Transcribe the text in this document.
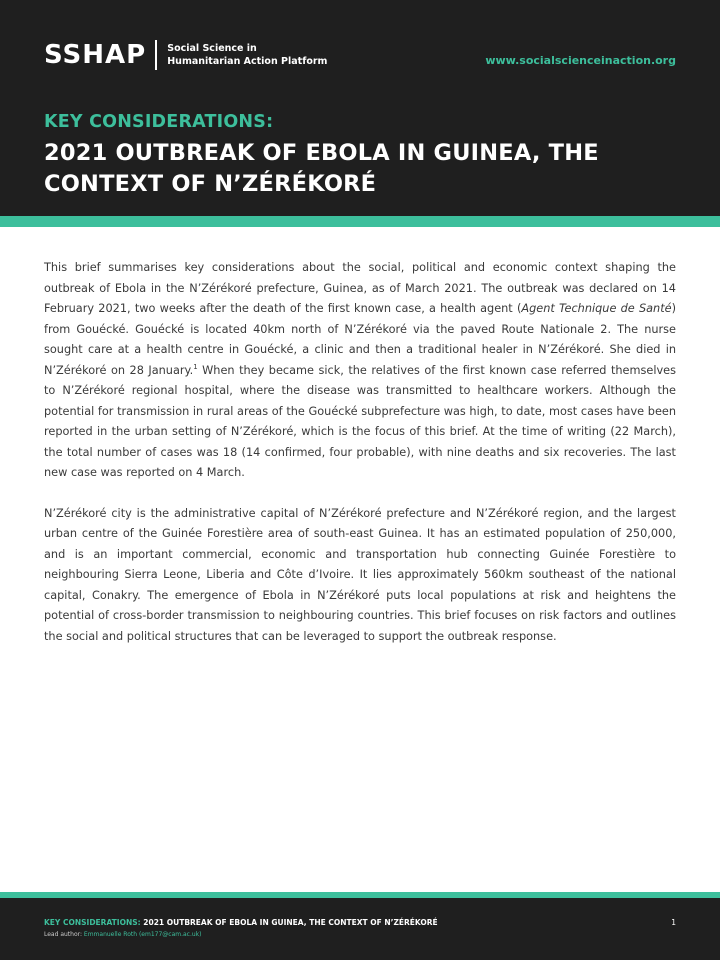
SSHAP Social Science in
Humanitarian Action Platform	www.socialscienceinaction.org
KEY CONSIDERATIONS:
2021 OUTBREAK OF EBOLA IN GUINEA, THE CONTEXT OF N’ZÉRÉKORÉ

This brief summarises key considerations about the social, political and economic context shaping the outbreak of Ebola in the N’Zérékoré prefecture, Guinea, as of March 2021. The outbreak was declared on 14 February 2021, two weeks after the death of the first known case, a health agent (Agent Technique de Santé) from Gouécké. Gouécké is located 40km north of N’Zérékoré via the paved Route Nationale 2. The nurse sought care at a health centre in Gouécké, a clinic and then a traditional healer in N’Zérékoré. She died in N’Zérékoré on 28 January.$^1$ When they became sick, the relatives of the first known case referred themselves to N’Zérékoré regional hospital, where the disease was transmitted to healthcare workers. Although the potential for transmission in rural areas of the Gouécké subprefecture was high, to date, most cases have been reported in the urban setting of N’Zérékoré, which is the focus of this brief. At the time of writing (22 March), the total number of cases was 18 (14 confirmed, four probable), with nine deaths and six recoveries. The last new case was reported on 4 March.

N’Zérékoré city is the administrative capital of N’Zérékoré prefecture and N’Zérékoré region, and the largest urban centre of the Guinée Forestière area of south-east Guinea. It has an estimated population of 250,000, and is an important commercial, economic and transportation hub connecting Guinée Forestière to neighbouring Sierra Leone, Liberia and Côte d’Ivoire. It lies approximately 560km southeast of the national capital, Conakry. The emergence of Ebola in N’Zérékoré puts local populations at risk and heightens the potential of cross-border transmission to neighbouring countries. This brief focuses on risk factors and outlines the social and political structures that can be leveraged to support the outbreak response.

KEY CONSIDERATIONS: 2021 OUTBREAK OF EBOLA IN GUINEA, THE CONTEXT OF N’ZÉRÉKORÉ
Lead author: Emmanuelle Roth (em177@cam.ac.uk)
1
